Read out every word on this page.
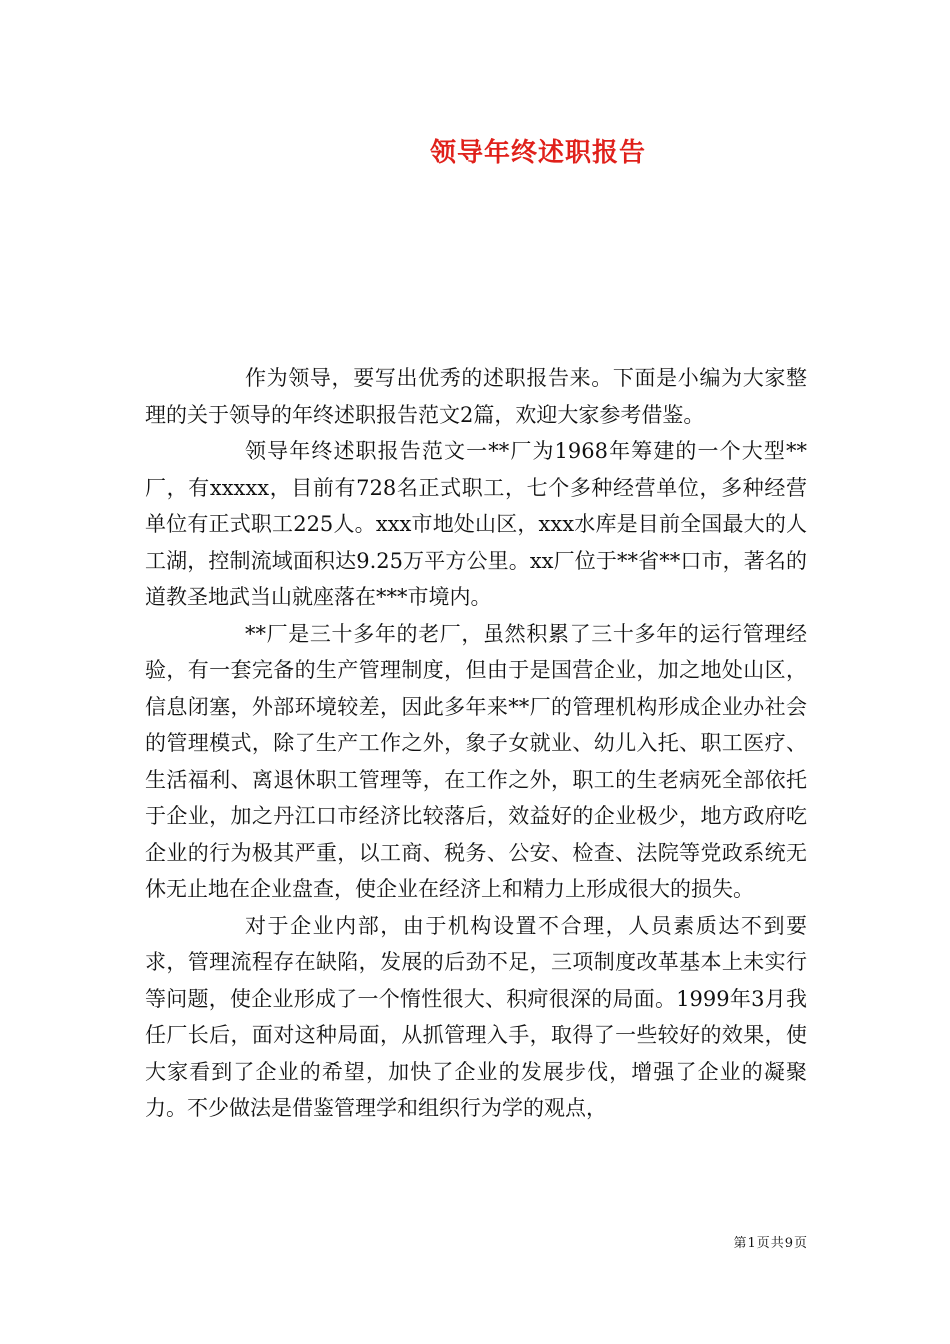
领导年终述职报告

作为领导，要写出优秀的述职报告来。下面是小编为大家整理的关于领导的年终述职报告范文2篇，欢迎大家参考借鉴。

领导年终述职报告范文一**厂为1968年筹建的一个大型**厂，有xxxxx，目前有728名正式职工，七个多种经营单位，多种经营单位有正式职工225人。xxx市地处山区，xxx水库是目前全国最大的人工湖，控制流域面积达9.25万平方公里。xx厂位于**省**口市，著名的道教圣地武当山就座落在***市境内。

**厂是三十多年的老厂，虽然积累了三十多年的运行管理经验，有一套完备的生产管理制度，但由于是国营企业，加之地处山区，信息闭塞，外部环境较差，因此多年来**厂的管理机构形成企业办社会的管理模式，除了生产工作之外，象子女就业、幼儿入托、职工医疗、生活福利、离退休职工管理等，在工作之外，职工的生老病死全部依托于企业，加之丹江口市经济比较落后，效益好的企业极少，地方政府吃企业的行为极其严重，以工商、税务、公安、检查、法院等党政系统无休无止地在企业盘查，使企业在经济上和精力上形成很大的损失。

对于企业内部，由于机构设置不合理，人员素质达不到要求，管理流程存在缺陷，发展的后劲不足，三项制度改革基本上未实行等问题，使企业形成了一个惰性很大、积疴很深的局面。1999年3月我任厂长后，面对这种局面，从抓管理入手，取得了一些较好的效果，使大家看到了企业的希望，加快了企业的发展步伐，增强了企业的凝聚力。不少做法是借鉴管理学和组织行为学的观点，

第1页共9页
